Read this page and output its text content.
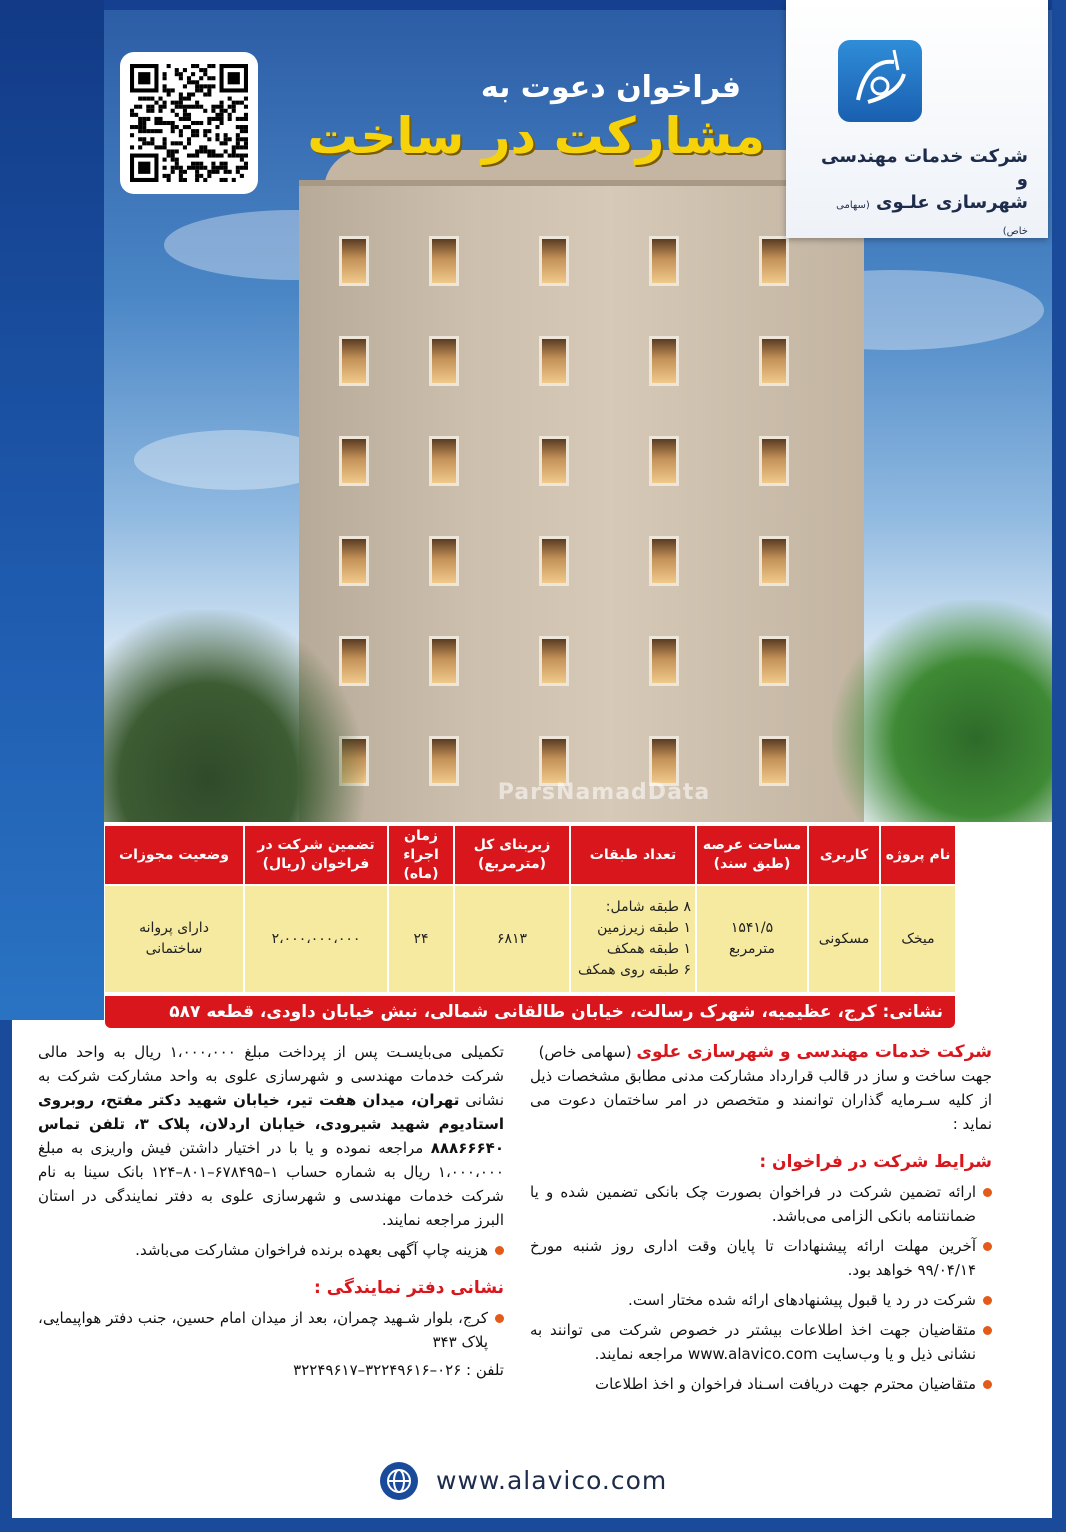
ParsNamadData
فراخوان دعوت به
مشارکت در ساخت	شرکت خدمات مهندسی و
شهرسازی علـوی (سهامی خاص)
نام پروژه
کاربری
مساحت عرصه (طبق سند)
تعداد طبقات
زیربنای کل (مترمربع)
زمان اجراء (ماه)
تضمین شرکت در فراخوان (ریال)
وضعیت مجوزات
میخک
مسکونی
۱۵۴۱/۵
مترمربع
۸ طبقه شامل:
۱ طبقه زیرزمین
۱ طبقه همکف
۶ طبقه روی همکف
۶۸۱۳
۲۴
۲،۰۰۰،۰۰۰،۰۰۰
دارای پروانه
ساختمانی
نشانی: کرج، عظیمیه، شهرک رسالت، خیابان طالقانی شمالی، نبش خیابان داودی، قطعه ۵۸۷
شرکت خدمات مهندسی و شهرسازی علوی (سهامی خاص)
جهت ساخت و ساز در قالب قرارداد مشارکت مدنی مطابق مشخصات ذیل از کلیه سـرمایه گذاران توانمند و متخصص در امر ساختمان دعوت می نماید :
شرایط شرکت در فراخوان :
ارائه تضمین شرکت در فراخوان بصورت چک بانکی تضمین شده و یا ضمانتنامه بانکی الزامی می‌باشد.
آخرین مهلت ارائه پیشنهادات تا پایان وقت اداری روز شنبه مورخ ۹۹/۰۴/۱۴ خواهد بود.
شرکت در رد یا قبول پیشنهادهای ارائه شده مختار است.
متقاضیان جهت اخذ اطلاعات بیشتر در خصوص شرکت می توانند به نشانی ذیل و یا وب‌سایت www.alavico.com مراجعه نمایند.
متقاضیان محترم جهت دریافت اسـناد فراخوان و اخذ اطلاعات
تکمیلی می‌بایسـت پس از پرداخت مبلغ ۱،۰۰۰،۰۰۰ ریال به واحد مالی شرکت خدمات مهندسی و شهرسازی علوی به واحد مشارکت شرکت به نشانی تهران، میدان هفت تیر، خیابان شهید دکتر مفتح، روبروی استادیوم شهید شیرودی، خیابان اردلان، پلاک ۳، تلفن تماس ۸۸۸۶۶۶۴۰ مراجعه نموده و یا با در اختیار داشتن فیش واریزی به مبلغ ۱،۰۰۰،۰۰۰ ریال به شماره حساب ۱–۶۷۸۴۹۵–۸۰۱–۱۲۴ بانک سینا به نام شرکت خدمات مهندسی و شهرسازی علوی به دفتر نمایندگی در استان البرز مراجعه نمایند.
هزینه چاپ آگهی بعهده برنده فراخوان مشارکت می‌باشد.
نشانی دفتر نمایندگی :
کرج، بلوار شـهید چمران، بعد از میدان امام حسین، جنب دفتر هواپیمایی، پلاک ۳۴۳
تلفن : ۰۲۶–۳۲۲۴۹۶۱۶–۳۲۲۴۹۶۱۷
www.alavico.com
